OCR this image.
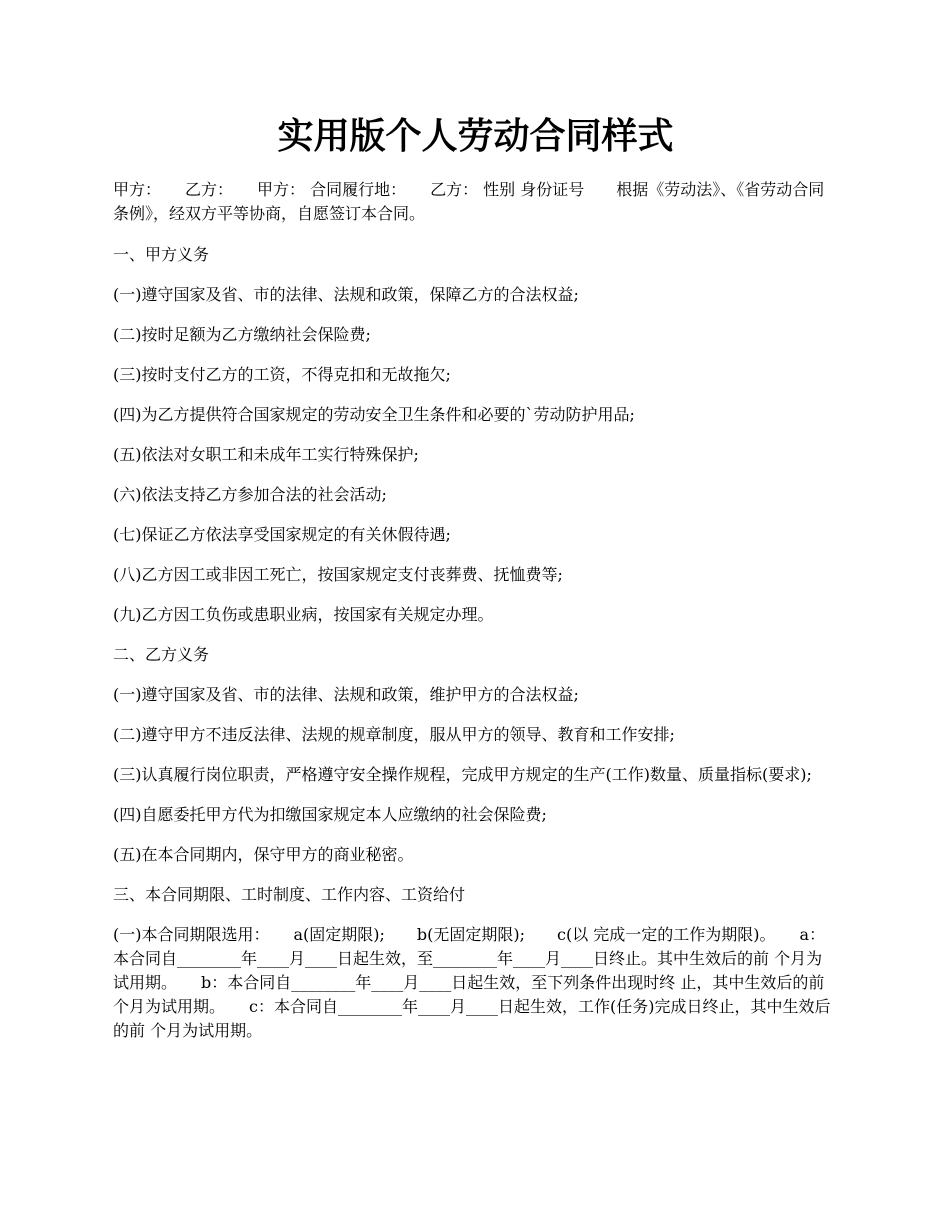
实用版个人劳动合同样式

甲方：　　乙方：　　甲方： 合同履行地：　　乙方： 性别 身份证号　　根据《劳动法》、《省劳动合同条例》，经双方平等协商，自愿签订本合同。

一、甲方义务

(一)遵守国家及省、市的法律、法规和政策，保障乙方的合法权益;

(二)按时足额为乙方缴纳社会保险费;

(三)按时支付乙方的工资，不得克扣和无故拖欠;

(四)为乙方提供符合国家规定的劳动安全卫生条件和必要的`劳动防护用品;

(五)依法对女职工和未成年工实行特殊保护;

(六)依法支持乙方参加合法的社会活动;

(七)保证乙方依法享受国家规定的有关休假待遇;

(八)乙方因工或非因工死亡，按国家规定支付丧葬费、抚恤费等;

(九)乙方因工负伤或患职业病，按国家有关规定办理。

二、乙方义务

(一)遵守国家及省、市的法律、法规和政策，维护甲方的合法权益;

(二)遵守甲方不违反法律、法规的规章制度，服从甲方的领导、教育和工作安排;

(三)认真履行岗位职责，严格遵守安全操作规程，完成甲方规定的生产(工作)数量、质量指标(要求);

(四)自愿委托甲方代为扣缴国家规定本人应缴纳的社会保险费;

(五)在本合同期内，保守甲方的商业秘密。

三、本合同期限、工时制度、工作内容、工资给付

(一)本合同期限选用：　　a(固定期限);　　b(无固定期限);　　c(以 完成一定的工作为期限)。　　a：本合同自________年____月____日起生效，至________年____月____日终止。其中生效后的前 个月为试用期。　　b：本合同自________年____月____日起生效，至下列条件出现时终 止，其中生效后的前 个月为试用期。　　c：本合同自________年____月____日起生效，工作(任务)完成日终止，其中生效后的前 个月为试用期。
